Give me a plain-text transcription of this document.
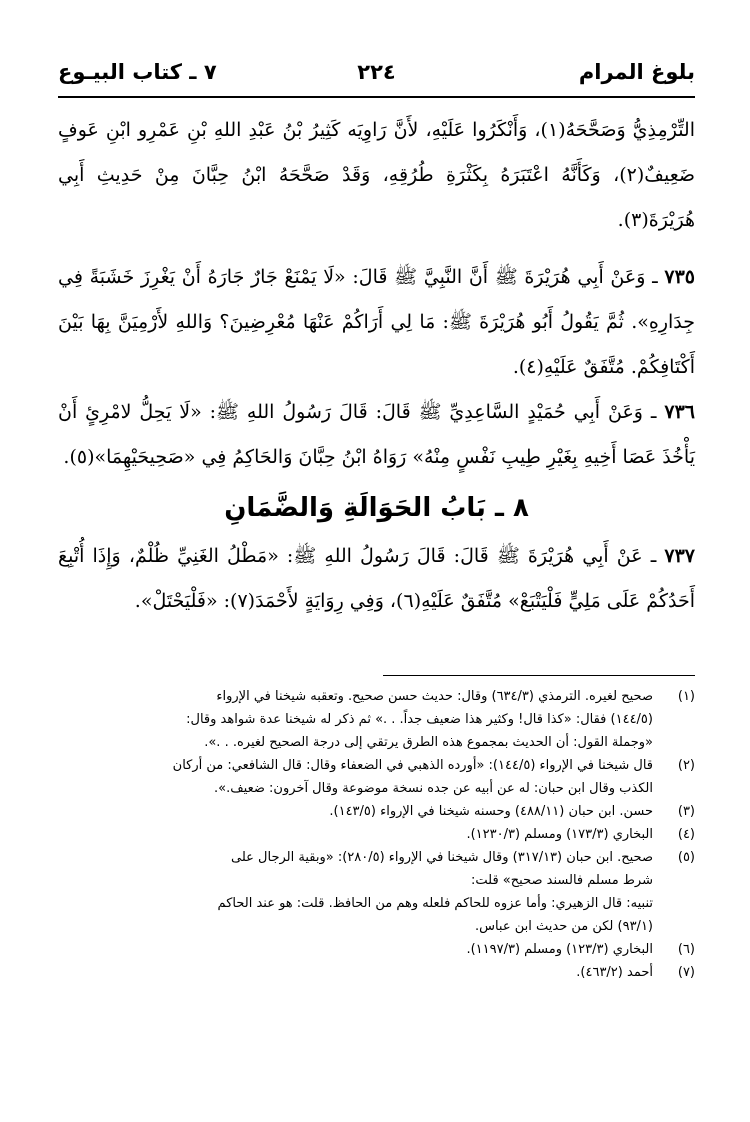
بلوغ المرام
٢٢٤
٧ ـ كتاب البيـوع

التِّرْمِذِيُّ وَصَحَّحَهُ(١)، وَأَنْكَرُوا عَلَيْهِ، لأَنَّ رَاوِيَه كَثِيرُ بْنُ عَبْدِ اللهِ بْنِ عَمْرِو ابْنِ عَوفٍ ضَعِيفٌ(٢)، وَكَأَنَّهُ اعْتَبَرَهُ بِكَثْرَةِ طُرُقِهِ، وَقَدْ صَحَّحَهُ ابْنُ حِبَّانَ مِنْ حَدِيثِ أَبِي هُرَيْرَةَ(٣).

٧٣٥ ـ وَعَنْ أَبِي هُرَيْرَةَ ﷺ أَنَّ النَّبِيَّ ﷺ قَالَ: «لَا يَمْنَعْ جَارٌ جَارَهُ أَنْ يَغْرِزَ خَشَبَةً فِي جِدَارِهِ». ثُمَّ يَقُولُ أَبُو هُرَيْرَةَ ﷺ: مَا لِي أَرَاكُمْ عَنْهَا مُعْرِضِينَ؟ وَاللهِ لأَرْمِيَنَّ بِهَا بَيْنَ أَكْتَافِكُمْ. مُتَّفَقٌ عَلَيْهِ(٤).

٧٣٦ ـ وَعَنْ أَبِي حُمَيْدٍ السَّاعِدِيِّ ﷺ قَالَ: قَالَ رَسُولُ اللهِ ﷺ: «لَا يَحِلُّ لامْرِئٍ أَنْ يَأْخُذَ عَصَا أَخِيهِ بِغَيْرِ طِيبِ نَفْسٍ مِنْهُ» رَوَاهُ ابْنُ حِبَّانَ وَالحَاكِمُ فِي «صَحِيحَيْهِمَا»(٥).

٨ ـ بَابُ الحَوَالَةِ وَالضَّمَانِ

٧٣٧ ـ عَنْ أَبِي هُرَيْرَةَ ﷺ قَالَ: قَالَ رَسُولُ اللهِ ﷺ: «مَطْلُ الغَنِيِّ ظُلْمٌ، وَإِذَا أُتْبِعَ أَحَدُكُمْ عَلَى مَلِيٍّ فَلْيَتْبَعْ» مُتَّفَقٌ عَلَيْهِ(٦)، وَفِي رِوَايَةٍ لأَحْمَدَ(٧): «فَلْيَحْتَلْ».

(١)
صحيح لغيره. الترمذي (٦٣٤/٣) وقال: حديث حسن صحيح. وتعقبه شيخنا في الإرواء
(١٤٤/٥) فقال: «كذا قال! وكثير هذا ضعيف جداً. . .» ثم ذكر له شيخنا عدة شواهد وقال:
«وجملة القول: أن الحديث بمجموع هذه الطرق يرتقي إلى درجة الصحيح لغيره. . .».
(٢)
قال شيخنا في الإرواء (١٤٤/٥): «أورده الذهبي في الضعفاء وقال: قال الشافعي: من أركان
الكذب وقال ابن حبان: له عن أبيه عن جده نسخة موضوعة وقال آخرون: ضعيف.».
(٣)
حسن. ابن حبان (٤٨٨/١١) وحسنه شيخنا في الإرواء (١٤٣/٥).
(٤)
البخاري (١٧٣/٣) ومسلم (١٢٣٠/٣).
(٥)
صحيح. ابن حبان (٣١٧/١٣) وقال شيخنا في الإرواء (٢٨٠/٥): «وبقية الرجال على
شرط مسلم فالسند صحيح» قلت:
تنبيه: قال الزهيري: وأما عزوه للحاكم فلعله وهم من الحافظ. قلت: هو عند الحاكم
(٩٣/١) لكن من حديث ابن عباس.
(٦)
البخاري (١٢٣/٣) ومسلم (١١٩٧/٣).
(٧)
أحمد (٤٦٣/٢).
